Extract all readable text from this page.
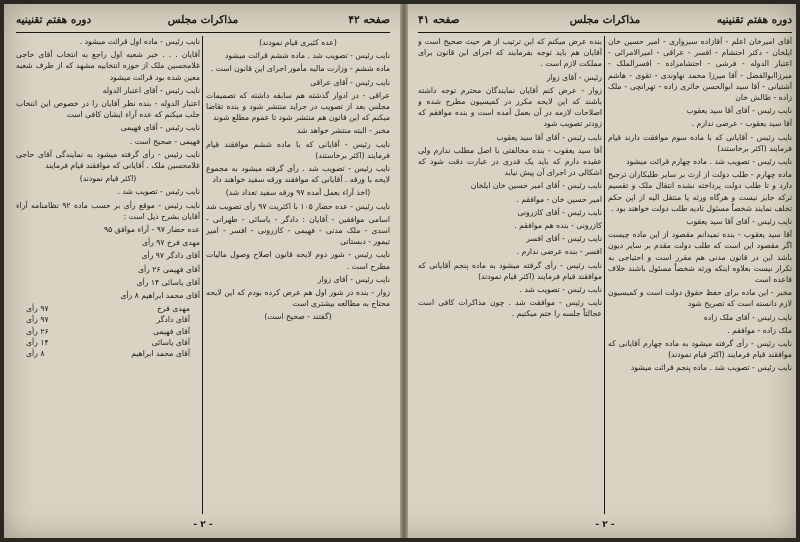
صفحه ۴۲
مذاكرات مجلس
دوره هفتم تقنينيه

(عده کثیری قیام نمودند)

نایب رئیس - تصویب شد . ماده ششم قرائت میشود

ماده ششم - وزارت مالیه مأمور اجرای این قانون است .

نایب رئیس - آقای عراقی

عراقی - در ادوار گذشته هم سابقه داشته که تصمیمات مجلس بعد از تصویب در جراید منتشر شود و بنده تقاضا میکنم که این قانون هم منتشر شود تا عموم مطلع شوند

مخبر - البته منتشر خواهد شد

نایب رئیس - آقایانی که با ماده ششم موافقند قیام فرمایند (اکثر برخاستند)

نایب رئیس - تصویب شد . رأی گرفته میشود به مجموع لایحه با ورقه . آقایانی که موافقند ورقه سفید خواهند داد

(اخذ آراء بعمل آمده ۹۷ ورقه سفید تعداد شد)

نایب رئیس - عده حضار ۱۰۵ با اکثریت ۹۷ رأی تصویب شد

اسامی موافقین - آقایان : دادگر - یاسائی - طهرانی - اسدی - ملک مدنی - فهیمی - کازرونی - افسر - امیر تیمور - دبستانی

نایب رئیس - شور دوم لایحه قانون اصلاح وصول مالیات مطرح است .

نایب رئیس - آقای زوار

زوار - بنده در شور اول هم عرض کرده بودم که این لایحه محتاج به مطالعه بیشتری است

(گفتند - صحیح است)

نایب رئیس - ماده اول قرائت میشود .

آقایان . . . خبر شعبه اول راجع به انتخاب آقای حاجی غلامحسین ملک از حوزه انتخابیه مشهد که از طرف شعبه معین شده بود قرائت میشود

نایب رئیس - آقای اعتبار الدوله

اعتبار الدوله - بنده نظر آقایان را در خصوص این انتخاب جلب میکنم که عده آراء ایشان کافی است

نایب رئیس - آقای فهیمی

فهیمی - صحیح است .

نایب رئیس - رأی گرفته میشود به نمایندگی آقای حاجی غلامحسین ملک . آقایانی که موافقند قیام فرمایند

(اکثر قیام نمودند)

نایب رئیس - تصویب شد .

نایب رئیس - موقع رأی بر حسب ماده ۹۲ نظامنامه آراء آقایان بشرح ذیل است :

عده حضار ۹۷ - آراء موافق ۹۵

مهدی فرخ ۹۷ رأی

آقای دادگر ۹۷ رأی

آقای فهیمی ۲۶ رأی

آقای یاسائی ۱۴ رأی

آقای محمد ابراهیم ۸ رأی

مهدی فرخ
۹۷ رأی
آقای دادگر
۹۷ رأی
آقای فهیمی
۲۶ رأی
آقای یاسائی
۱۴ رأی
آقای محمد ابراهیم
۸ رأی
- ۲ -
دوره هفتم تقنينيه
مذاكرات مجلس
صفحه ۴۱

آقای امیرخان اعلم - آقازاده سبزواری - امیر حسین خان ایلخان - دکتر احتشام - افسر - عراقی - امیرالامرائی - اعتبار الدوله - فرشی - احتشامزاده - افسرالملک - میرزاابوالفضل - آقا میرزا محمد نهاوندی - تقوی - هاشم آشتیانی - آقا سید ابوالحسن حائری زاده - تهرانچی - ملک زاده - طالش خان

نایب رئیس - آقای آقا سید یعقوب

آقا سید یعقوب - عرضی ندارم .

نایب رئیس - آقایانی که با ماده سوم موافقت دارند قیام فرمایند (اکثر برخاستند)

نایب رئیس - تصویب شد . ماده چهارم قرائت میشود

ماده چهارم - طلب دولت از ارث بر سایر طلبکاران ترجیح دارد و تا طلب دولت پرداخته نشده انتقال ملک و تقسیم ترکه جایز نیست و هرگاه ورثه یا منتقل الیه از این حکم تخلف نمایند شخصاً مسئول تادیه طلب دولت خواهند بود .

نایب رئیس - آقای آقا سید یعقوب

آقا سید یعقوب - بنده نمیدانم مقصود از این ماده چیست اگر مقصود این است که طلب دولت مقدم بر سایر دیون باشد این در قانون مدنی هم مقرر است و احتیاجی به تکرار نیست بعلاوه اینکه ورثه شخصاً مسئول باشند خلاف قاعده است

مخبر - این ماده برای حفظ حقوق دولت است و کمیسیون لازم دانسته است که تصریح شود

نایب رئیس - آقای ملک زاده

ملک زاده - موافقم .

نایب رئیس - رأی گرفته میشود به ماده چهارم آقایانی که موافقند قیام فرمایند (اکثر قیام نمودند)

نایب رئیس - تصویب شد . ماده پنجم قرائت میشود

بنده عرض میکنم که این ترتیب از هر حیث صحیح است و آقایان هم باید توجه بفرمایند که اجرای این قانون برای مملکت لازم است .

رئیس - آقای زوار

زوار - عرض کنم آقایان نمایندگان محترم توجه داشته باشند که این لایحه مکرر در کمیسیون مطرح شده و اصلاحات لازمه در آن بعمل آمده است و بنده موافقم که زودتر تصویب شود

نایب رئیس - آقای آقا سید یعقوب

آقا سید یعقوب - بنده مخالفتی با اصل مطلب ندارم ولی عقیده دارم که باید یک قدری در عبارت دقت شود که اشکالی در اجرای آن پیش نیاید

نایب رئیس - آقای امیر حسین خان ایلخان

امیر حسین خان - موافقم .

نایب رئیس - آقای کازرونی

کازرونی - بنده هم موافقم .

نایب رئیس - آقای افسر

افسر - بنده عرضی ندارم .

نایب رئیس - رأی گرفته میشود به ماده پنجم آقایانی که موافقند قیام فرمایند (اکثر قیام نمودند)

نایب رئیس - تصویب شد .

نایب رئیس - موافقت شد . چون مذاکرات کافی است عجالتاً جلسه را ختم میکنیم .

- ۲ -
